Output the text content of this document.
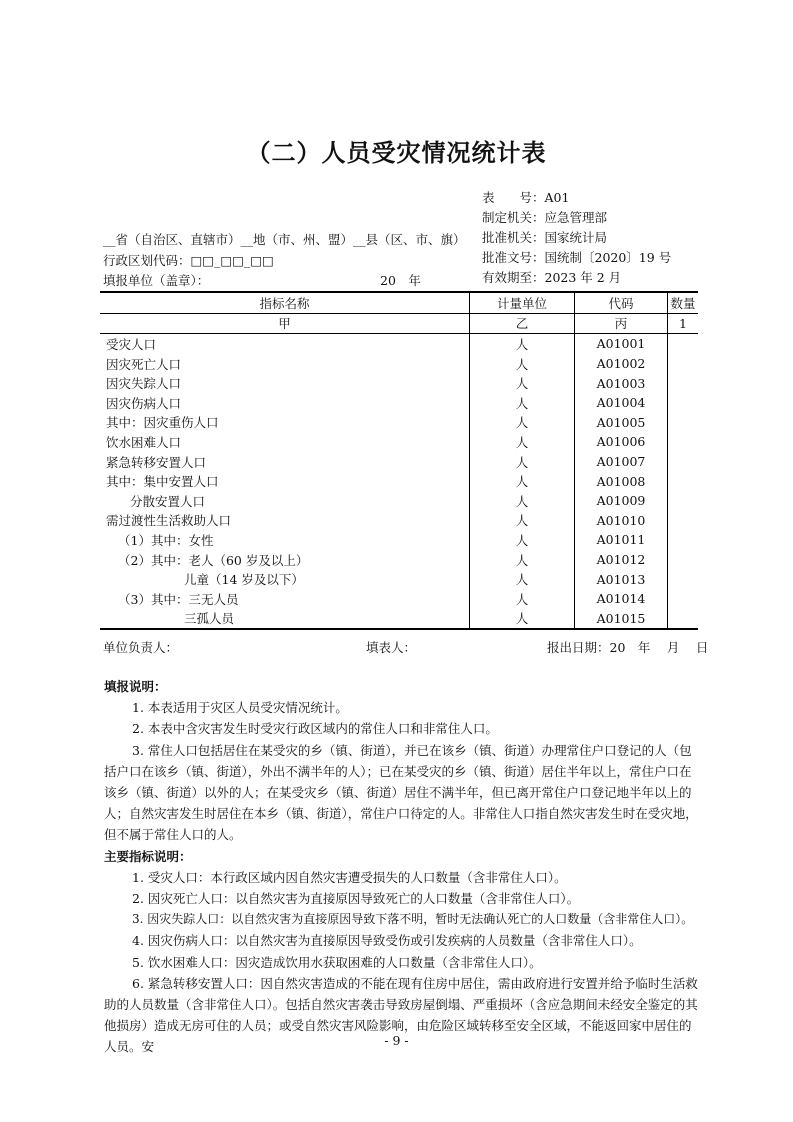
（二）人员受灾情况统计表
表　　号：A01
制定机关：应急管理部
批准机关：国家统计局
批准文号：国统制〔2020〕19 号
有效期至：2023 年 2 月
__省（自治区、直辖市）__地（市、州、盟）__县（区、市、旗）
行政区划代码：□□_□□_□□
填报单位（盖章）：	20　年
指标名称	计量单位	代码	数量
甲	乙	丙	1
受灾人口	人	A01001	
因灾死亡人口	人	A01002	
因灾失踪人口	人	A01003	
因灾伤病人口	人	A01004	
其中：因灾重伤人口	人	A01005	
饮水困难人口	人	A01006	
紧急转移安置人口	人	A01007	
其中：集中安置人口	人	A01008	
分散安置人口	人	A01009	
需过渡性生活救助人口	人	A01010	
（1）其中：女性	人	A01011	
（2）其中：老人（60 岁及以上）	人	A01012	
儿童（14 岁及以下）	人	A01013	
（3）其中：三无人员	人	A01014	
三孤人员	人	A01015	
单位负责人：	填表人：	报出日期：20　年　 月　 日

填报说明：

1. 本表适用于灾区人员受灾情况统计。

2. 本表中含灾害发生时受灾行政区域内的常住人口和非常住人口。

3. 常住人口包括居住在某受灾的乡（镇、街道），并已在该乡（镇、街道）办理常住户口登记的人（包括户口在该乡（镇、街道），外出不满半年的人）；已在某受灾的乡（镇、街道）居住半年以上，常住户口在该乡（镇、街道）以外的人；在某受灾乡（镇、街道）居住不满半年，但已离开常住户口登记地半年以上的人；自然灾害发生时居住在本乡（镇、街道），常住户口待定的人。非常住人口指自然灾害发生时在受灾地，但不属于常住人口的人。

主要指标说明：

1. 受灾人口：本行政区域内因自然灾害遭受损失的人口数量（含非常住人口）。

2. 因灾死亡人口：以自然灾害为直接原因导致死亡的人口数量（含非常住人口）。

3. 因灾失踪人口：以自然灾害为直接原因导致下落不明，暂时无法确认死亡的人口数量（含非常住人口）。

4. 因灾伤病人口：以自然灾害为直接原因导致受伤或引发疾病的人员数量（含非常住人口）。

5. 饮水困难人口：因灾造成饮用水获取困难的人口数量（含非常住人口）。

6. 紧急转移安置人口：因自然灾害造成的不能在现有住房中居住，需由政府进行安置并给予临时生活救助的人员数量（含非常住人口）。包括自然灾害袭击导致房屋倒塌、严重损坏（含应急期间未经安全鉴定的其他损房）造成无房可住的人员；或受自然灾害风险影响，由危险区域转移至安全区域，不能返回家中居住的人员。安	- 9 -
